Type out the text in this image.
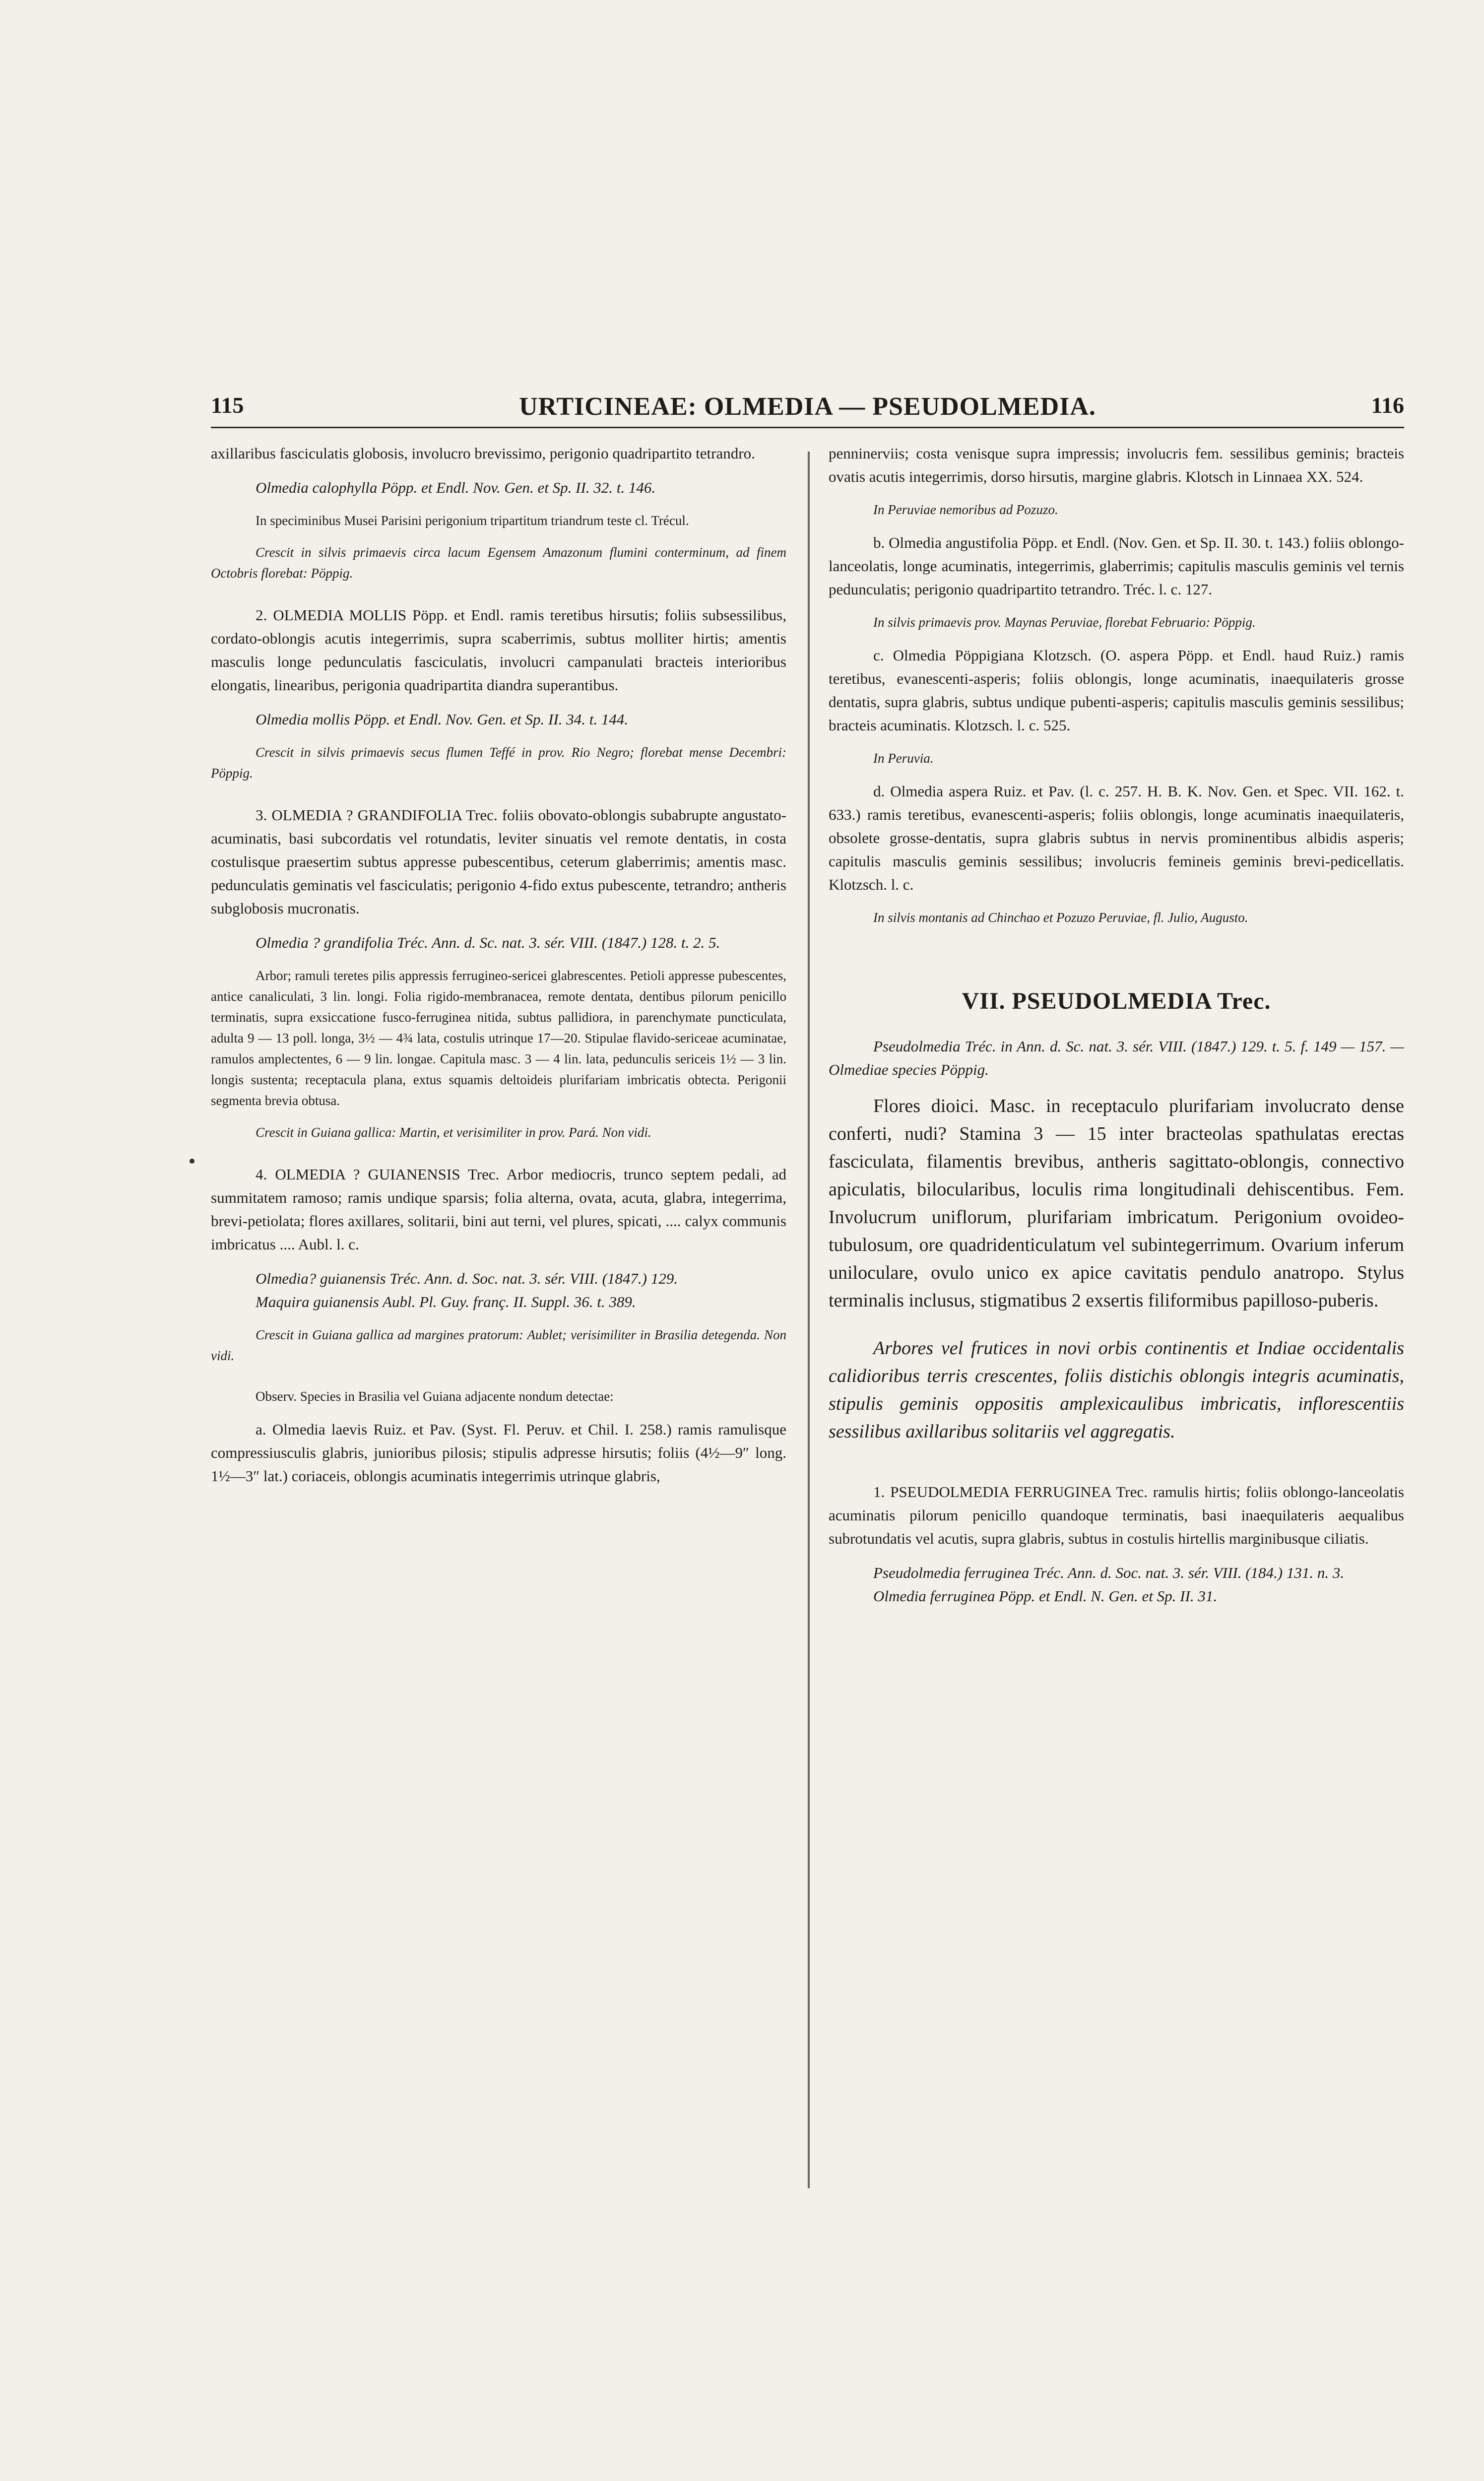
115	URTICINEAE: OLMEDIA — PSEUDOLMEDIA.	116

axillaribus fasciculatis globosis, involucro brevissimo, perigonio quadripartito tetrandro.

Olmedia calophylla Pöpp. et Endl. Nov. Gen. et Sp. II. 32. t. 146.

In speciminibus Musei Parisini perigonium tripartitum triandrum teste cl. Trécul.

Crescit in silvis primaevis circa lacum Egensem Amazonum flumini conterminum, ad finem Octobris florebat: Pöppig.

2. OLMEDIA MOLLIS Pöpp. et Endl. ramis teretibus hirsutis; foliis subsessilibus, cordato-oblongis acutis integerrimis, supra scaberrimis, subtus molliter hirtis; amentis masculis longe pedunculatis fasciculatis, involucri campanulati bracteis interioribus elongatis, linearibus, perigonia quadripartita diandra superantibus.

Olmedia mollis Pöpp. et Endl. Nov. Gen. et Sp. II. 34. t. 144.

Crescit in silvis primaevis secus flumen Teffé in prov. Rio Negro; florebat mense Decembri: Pöppig.

3. OLMEDIA ? GRANDIFOLIA Trec. foliis obovato-oblongis subabrupte angustato-acuminatis, basi subcordatis vel rotundatis, leviter sinuatis vel remote dentatis, in costa costulisque praesertim subtus appresse pubescentibus, ceterum glaberrimis; amentis masc. pedunculatis geminatis vel fasciculatis; perigonio 4-fido extus pubescente, tetrandro; antheris subglobosis mucronatis.

Olmedia ? grandifolia Tréc. Ann. d. Sc. nat. 3. sér. VIII. (1847.) 128. t. 2. 5.

Arbor; ramuli teretes pilis appressis ferrugineo-sericei glabrescentes. Petioli appresse pubescentes, antice canaliculati, 3 lin. longi. Folia rigido-membranacea, remote dentata, dentibus pilorum penicillo terminatis, supra exsiccatione fusco-ferruginea nitida, subtus pallidiora, in parenchymate puncticulata, adulta 9 — 13 poll. longa, 3½ — 4¾ lata, costulis utrinque 17—20. Stipulae flavido-sericeae acuminatae, ramulos amplectentes, 6 — 9 lin. longae. Capitula masc. 3 — 4 lin. lata, pedunculis sericeis 1½ — 3 lin. longis sustenta; receptacula plana, extus squamis deltoideis plurifariam imbricatis obtecta. Perigonii segmenta brevia obtusa.

Crescit in Guiana gallica: Martin, et verisimiliter in prov. Pará. Non vidi.

4. OLMEDIA ? GUIANENSIS Trec. Arbor mediocris, trunco septem pedali, ad summitatem ramoso; ramis undique sparsis; folia alterna, ovata, acuta, glabra, integerrima, brevi-petiolata; flores axillares, solitarii, bini aut terni, vel plures, spicati, .... calyx communis imbricatus .... Aubl. l. c.

Olmedia? guianensis Tréc. Ann. d. Soc. nat. 3. sér. VIII. (1847.) 129.

Maquira guianensis Aubl. Pl. Guy. franç. II. Suppl. 36. t. 389.

Crescit in Guiana gallica ad margines pratorum: Aublet; verisimiliter in Brasilia detegenda. Non vidi.

Observ. Species in Brasilia vel Guiana adjacente nondum detectae:

a. Olmedia laevis Ruiz. et Pav. (Syst. Fl. Peruv. et Chil. I. 258.) ramis ramulisque compressiusculis glabris, junioribus pilosis; stipulis adpresse hirsutis; foliis (4½—9″ long. 1½—3″ lat.) coriaceis, oblongis acuminatis integerrimis utrinque glabris,

penninerviis; costa venisque supra impressis; involucris fem. sessilibus geminis; bracteis ovatis acutis integerrimis, dorso hirsutis, margine glabris. Klotsch in Linnaea XX. 524.

In Peruviae nemoribus ad Pozuzo.

b. Olmedia angustifolia Pöpp. et Endl. (Nov. Gen. et Sp. II. 30. t. 143.) foliis oblongo-lanceolatis, longe acuminatis, integerrimis, glaberrimis; capitulis masculis geminis vel ternis pedunculatis; perigonio quadripartito tetrandro. Tréc. l. c. 127.

In silvis primaevis prov. Maynas Peruviae, florebat Februario: Pöppig.

c. Olmedia Pöppigiana Klotzsch. (O. aspera Pöpp. et Endl. haud Ruiz.) ramis teretibus, evanescenti-asperis; foliis oblongis, longe acuminatis, inaequilateris grosse dentatis, supra glabris, subtus undique pubenti-asperis; capitulis masculis geminis sessilibus; bracteis acuminatis. Klotzsch. l. c. 525.

In Peruvia.

d. Olmedia aspera Ruiz. et Pav. (l. c. 257. H. B. K. Nov. Gen. et Spec. VII. 162. t. 633.) ramis teretibus, evanescenti-asperis; foliis oblongis, longe acuminatis inaequilateris, obsolete grosse-dentatis, supra glabris subtus in nervis prominentibus albidis asperis; capitulis masculis geminis sessilibus; involucris femineis geminis brevi-pedicellatis. Klotzsch. l. c.

In silvis montanis ad Chinchao et Pozuzo Peruviae, fl. Julio, Augusto.

VII. PSEUDOLMEDIA Trec.

Pseudolmedia Tréc. in Ann. d. Sc. nat. 3. sér. VIII. (1847.) 129. t. 5. f. 149 — 157. — Olmediae species Pöppig.

Flores dioici. Masc. in receptaculo plurifariam involucrato dense conferti, nudi? Stamina 3 — 15 inter bracteolas spathulatas erectas fasciculata, filamentis brevibus, antheris sagittato-oblongis, connectivo apiculatis, bilocularibus, loculis rima longitudinali dehiscentibus. Fem. Involucrum uniflorum, plurifariam imbricatum. Perigonium ovoideo-tubulosum, ore quadridenticulatum vel subintegerrimum. Ovarium inferum uniloculare, ovulo unico ex apice cavitatis pendulo anatropo. Stylus terminalis inclusus, stigmatibus 2 exsertis filiformibus papilloso-puberis.

Arbores vel frutices in novi orbis continentis et Indiae occidentalis calidioribus terris crescentes, foliis distichis oblongis integris acuminatis, stipulis geminis oppositis amplexicaulibus imbricatis, inflorescentiis sessilibus axillaribus solitariis vel aggregatis.

1. PSEUDOLMEDIA FERRUGINEA Trec. ramulis hirtis; foliis oblongo-lanceolatis acuminatis pilorum penicillo quandoque terminatis, basi inaequilateris aequalibus subrotundatis vel acutis, supra glabris, subtus in costulis hirtellis marginibusque ciliatis.

Pseudolmedia ferruginea Tréc. Ann. d. Soc. nat. 3. sér. VIII. (184.) 131. n. 3.

Olmedia ferruginea Pöpp. et Endl. N. Gen. et Sp. II. 31.
